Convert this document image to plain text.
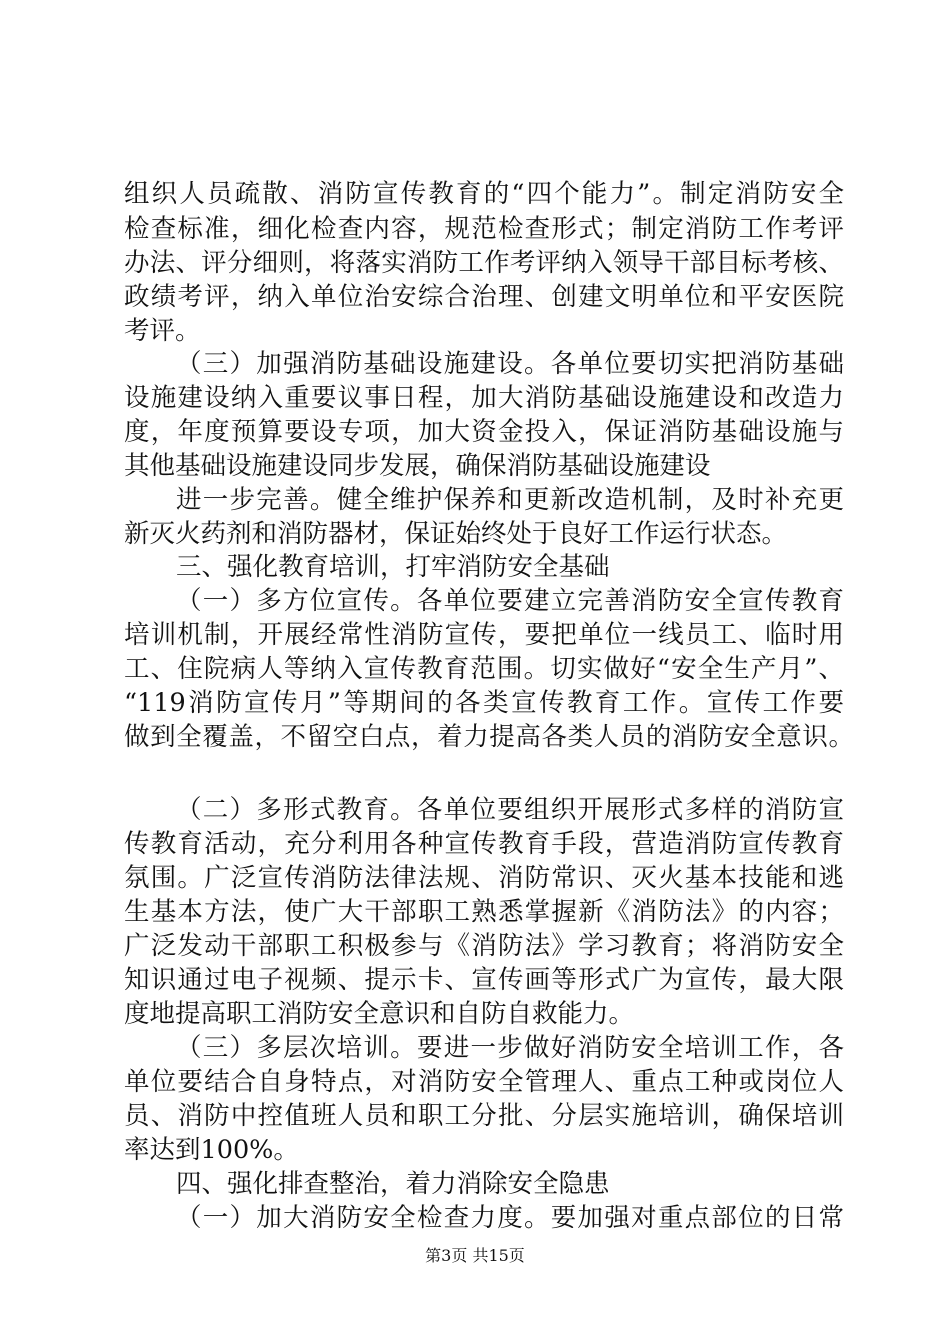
组织人员疏散、消防宣传教育的“四个能力”。制定消防安全
检查标准，细化检查内容，规范检查形式；制定消防工作考评
办法、评分细则，将落实消防工作考评纳入领导干部目标考核、
政绩考评，纳入单位治安综合治理、创建文明单位和平安医院
考评。
（三）加强消防基础设施建设。各单位要切实把消防基础
设施建设纳入重要议事日程，加大消防基础设施建设和改造力
度，年度预算要设专项，加大资金投入，保证消防基础设施与
其他基础设施建设同步发展，确保消防基础设施建设
进一步完善。健全维护保养和更新改造机制，及时补充更
新灭火药剂和消防器材，保证始终处于良好工作运行状态。
三、强化教育培训，打牢消防安全基础
（一）多方位宣传。各单位要建立完善消防安全宣传教育
培训机制，开展经常性消防宣传，要把单位一线员工、临时用
工、住院病人等纳入宣传教育范围。切实做好“安全生产月”、
“119消防宣传月”等期间的各类宣传教育工作。宣传工作要
做到全覆盖，不留空白点，着力提高各类人员的消防安全意识。
（二）多形式教育。各单位要组织开展形式多样的消防宣
传教育活动，充分利用各种宣传教育手段，营造消防宣传教育
氛围。广泛宣传消防法律法规、消防常识、灭火基本技能和逃
生基本方法，使广大干部职工熟悉掌握新《消防法》的内容；
广泛发动干部职工积极参与《消防法》学习教育；将消防安全
知识通过电子视频、提示卡、宣传画等形式广为宣传，最大限
度地提高职工消防安全意识和自防自救能力。
（三）多层次培训。要进一步做好消防安全培训工作，各
单位要结合自身特点，对消防安全管理人、重点工种或岗位人
员、消防中控值班人员和职工分批、分层实施培训，确保培训
率达到100%。
四、强化排查整治，着力消除安全隐患
（一）加大消防安全检查力度。要加强对重点部位的日常
第3页 共15页
